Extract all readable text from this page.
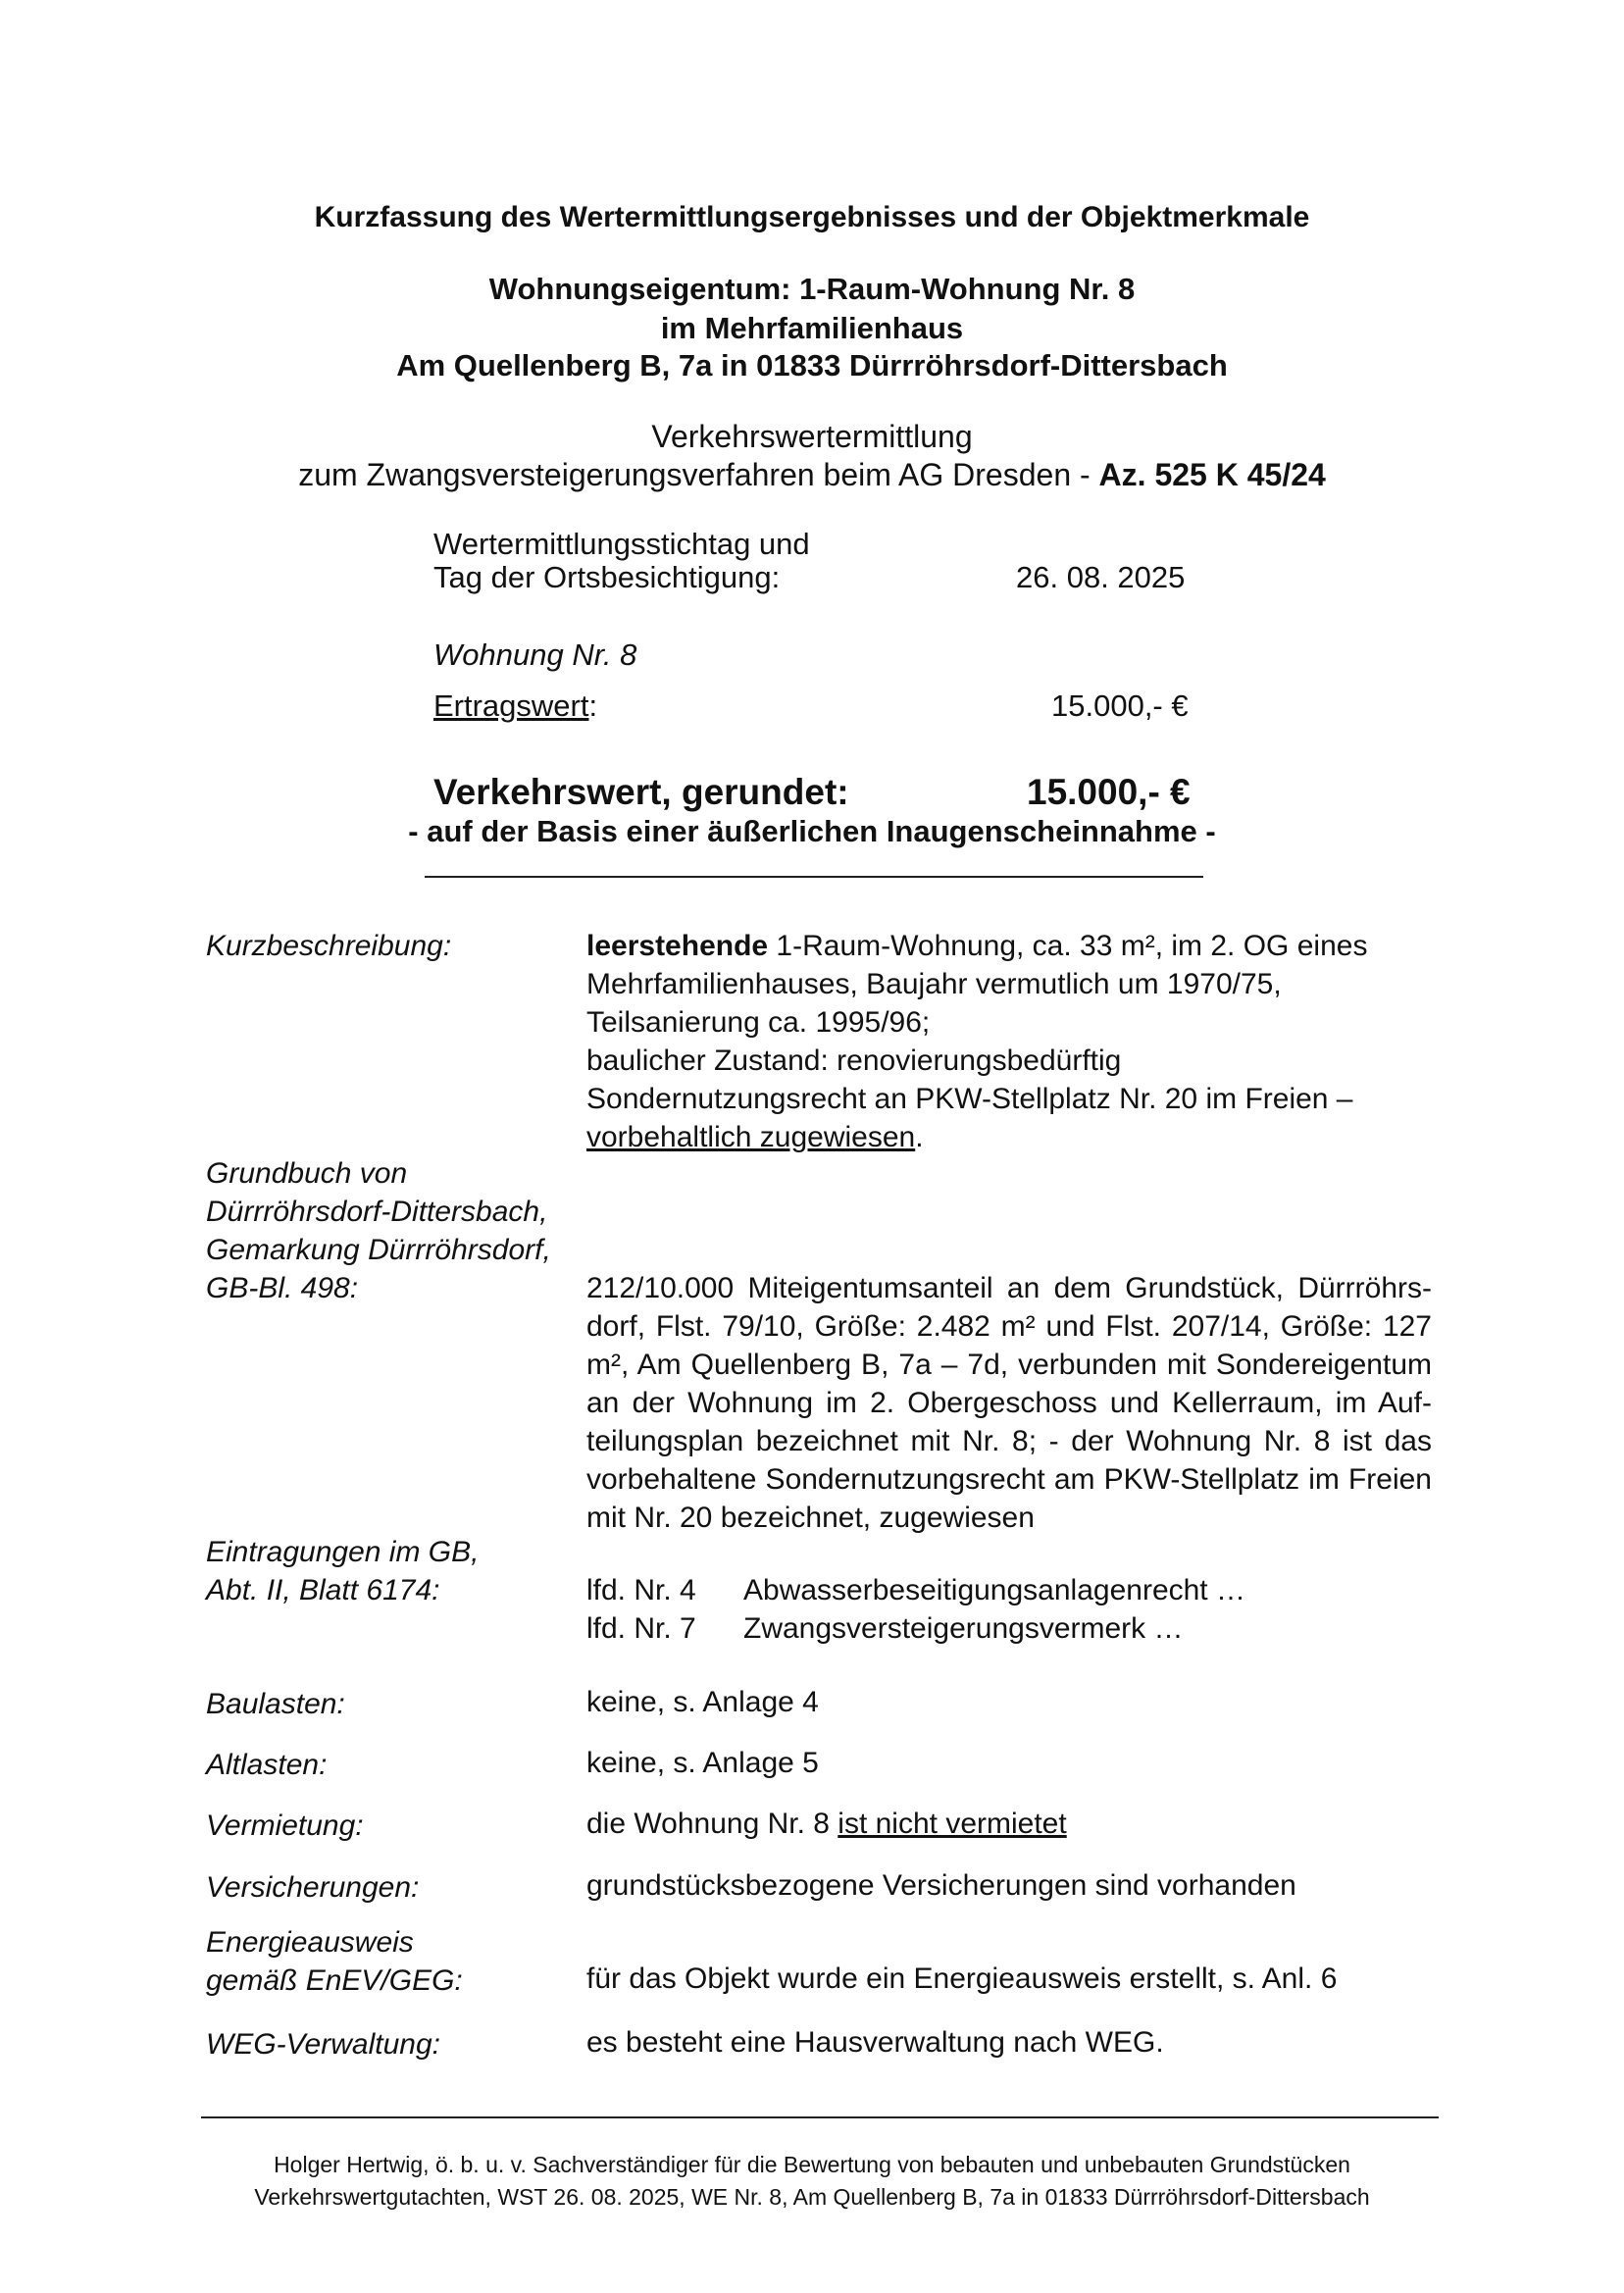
Kurzfassung des Wertermittlungsergebnisses und der Objektmerkmale
Wohnungseigentum: 1-Raum-Wohnung Nr. 8
im Mehrfamilienhaus
Am Quellenberg B, 7a in 01833 Dürrröhrsdorf-Dittersbach
Verkehrswertermittlung
zum Zwangsversteigerungsverfahren beim AG Dresden - Az. 525 K 45/24
Wertermittlungsstichtag und
Tag der Ortsbesichtigung:	26. 08. 2025
Wohnung Nr. 8
Ertragswert:	15.000,- €
Verkehrswert, gerundet:	15.000,- €
- auf der Basis einer äußerlichen Inaugenscheinnahme -
Kurzbeschreibung:	leerstehende 1-Raum-Wohnung, ca. 33 m², im 2. OG eines
Mehrfamilienhauses, Baujahr vermutlich um 1970/75,
Teilsanierung ca. 1995/96;
baulicher Zustand: renovierungsbedürftig
Sondernutzungsrecht an PKW-Stellplatz Nr. 20 im Freien –
vorbehaltlich zugewiesen.
Grundbuch von
Dürrröhrsdorf-Dittersbach,
Gemarkung Dürrröhrsdorf,
GB-Bl. 498:	212/10.000 Miteigentumsanteil an dem Grundstück, Dürrröhrs-dorf, Flst. 79/10, Größe: 2.482 m² und Flst. 207/14, Größe: 127 m², Am Quellenberg B, 7a – 7d, verbunden mit Sondereigentum an der Wohnung im 2. Obergeschoss und Kellerraum, im Auf-teilungsplan bezeichnet mit Nr. 8; - der Wohnung Nr. 8 ist das vorbehaltene Sondernutzungsrecht am PKW-Stellplatz im Freien mit Nr. 20 bezeichnet, zugewiesen
Eintragungen im GB,
Abt. II, Blatt 6174:	lfd. Nr. 4 Abwasserbeseitigungsanlagenrecht …
lfd. Nr. 7 Zwangsversteigerungsvermerk …
Baulasten:	keine, s. Anlage 4
Altlasten:	keine, s. Anlage 5
Vermietung:	die Wohnung Nr. 8 ist nicht vermietet
Versicherungen:	grundstücksbezogene Versicherungen sind vorhanden
Energieausweis
gemäß EnEV/GEG:	für das Objekt wurde ein Energieausweis erstellt, s. Anl. 6
WEG-Verwaltung:	es besteht eine Hausverwaltung nach WEG.
Holger Hertwig, ö. b. u. v. Sachverständiger für die Bewertung von bebauten und unbebauten Grundstücken
Verkehrswertgutachten, WST 26. 08. 2025, WE Nr. 8, Am Quellenberg B, 7a in 01833 Dürrröhrsdorf-Dittersbach
